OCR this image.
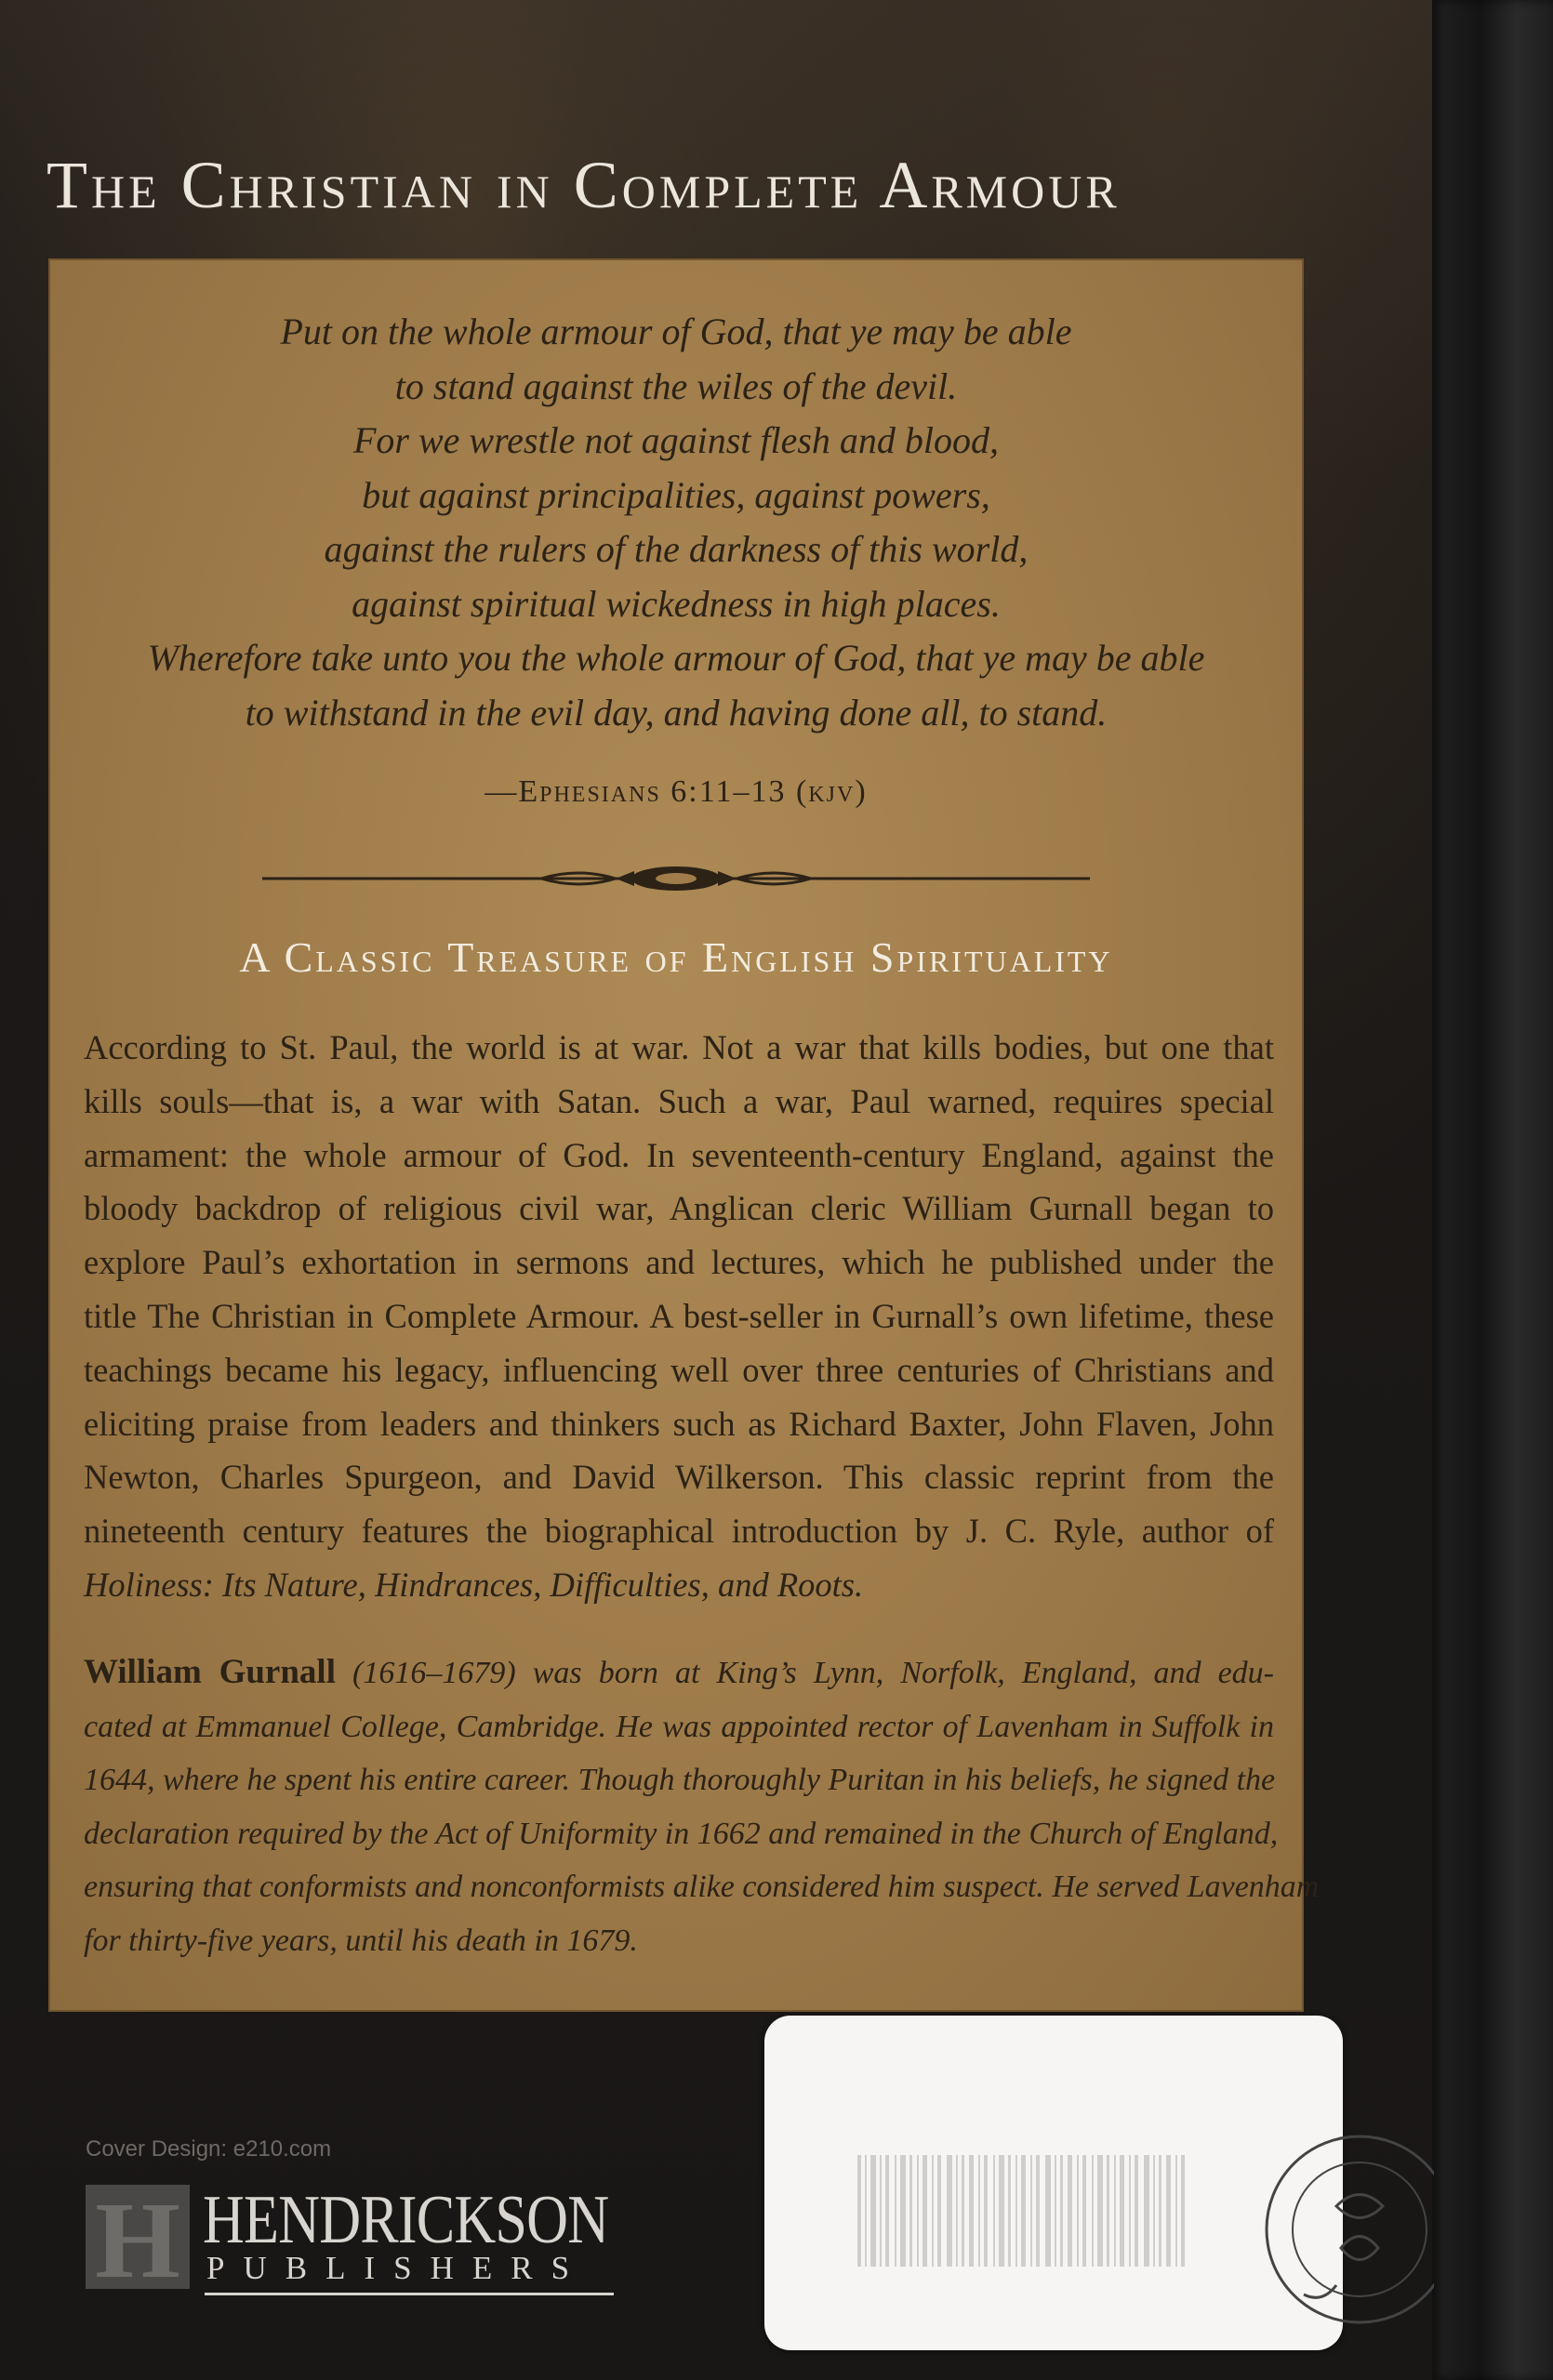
The Christian in Complete Armour
Put on the whole armour of God, that ye may be able
to stand against the wiles of the devil.
For we wrestle not against flesh and blood,
but against principalities, against powers,
against the rulers of the darkness of this world,
against spiritual wickedness in high places.
Wherefore take unto you the whole armour of God, that ye may be able
to withstand in the evil day, and having done all, to stand.
—Ephesians 6:11–13 (kjv)
A Classic Treasure of English Spirituality
According to St. Paul, the world is at war. Not a war that kills bodies, but one that
kills souls—that is, a war with Satan. Such a war, Paul warned, requires special
armament: the whole armour of God. In seventeenth-century England, against the
bloody backdrop of religious civil war, Anglican cleric William Gurnall began to
explore Paul’s exhortation in sermons and lectures, which he published under the
title The Christian in Complete Armour. A best-seller in Gurnall’s own lifetime, these
teachings became his legacy, influencing well over three centuries of Christians and
eliciting praise from leaders and thinkers such as Richard Baxter, John Flaven, John
Newton, Charles Spurgeon, and David Wilkerson. This classic reprint from the
nineteenth century features the biographical introduction by J. C. Ryle, author of
Holiness: Its Nature, Hindrances, Difficulties, and Roots.
William Gurnall (1616–1679) was born at King’s Lynn, Norfolk, England, and edu-
cated at Emmanuel College, Cambridge. He was appointed rector of Lavenham in Suffolk in
1644, where he spent his entire career. Though thoroughly Puritan in his beliefs, he signed the
declaration required by the Act of Uniformity in 1662 and remained in the Church of England,
ensuring that conformists and nonconformists alike considered him suspect. He served Lavenham
for thirty-five years, until his death in 1679.
Cover Design: e210.com
H HENDRICKSON
PUBLISHERS
